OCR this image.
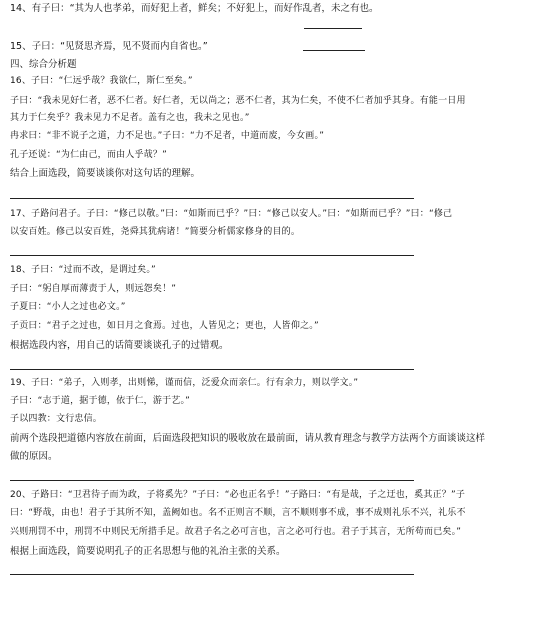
14、有子曰：“其为人也孝弟，而好犯上者，鲜矣；不好犯上，而好作乱者，未之有也。
15、子曰：“见贤思齐焉，见不贤而内自省也。”
四、综合分析题
16、子曰：“仁远乎哉？我欲仁，斯仁至矣。”
子曰：“我未见好仁者，恶不仁者。好仁者，无以尚之；恶不仁者，其为仁矣，不使不仁者加乎其身。有能一日用
其力于仁矣乎？我未见力不足者。盖有之也，我未之见也。”
冉求曰：“非不说子之道，力不足也。”子曰：“力不足者，中道而废，今女画。”
孔子还说：“为仁由己，而由人乎哉？”
结合上面选段，简要谈谈你对这句话的理解。
17、子路问君子。子曰：“修己以敬。”曰：“如斯而已乎？”曰：“修己以安人。”曰：“如斯而已乎？”曰：“修己
以安百姓。修己以安百姓，尧舜其犹病诸！”简要分析儒家修身的目的。
18、子曰：“过而不改，是谓过矣。”
子曰：“躬自厚而薄责于人，则远怨矣！”
子夏曰：“小人之过也必文。”
子贡曰：“君子之过也，如日月之食焉。过也，人皆见之；更也，人皆仰之。”
根据选段内容，用自己的话简要谈谈孔子的过错观。
19、子曰：“弟子，入则孝，出则悌，谨而信，泛爱众而亲仁。行有余力，则以学文。”
子曰：“志于道，据于德，依于仁，游于艺。”
子以四教：文行忠信。
前两个选段把道德内容放在前面，后面选段把知识的吸收放在最前面，请从教育理念与教学方法两个方面谈谈这样
做的原因。
20、子路曰：“卫君待子而为政，子将奚先？”子曰：“必也正名乎！”子路曰：“有是哉，子之迂也，奚其正？”子
曰：“野哉，由也！君子于其所不知，盖阙如也。名不正则言不顺，言不顺则事不成，事不成则礼乐不兴，礼乐不
兴则刑罚不中，刑罚不中则民无所措手足。故君子名之必可言也，言之必可行也。君子于其言，无所苟而已矣。”
根据上面选段，简要说明孔子的正名思想与他的礼治主张的关系。
